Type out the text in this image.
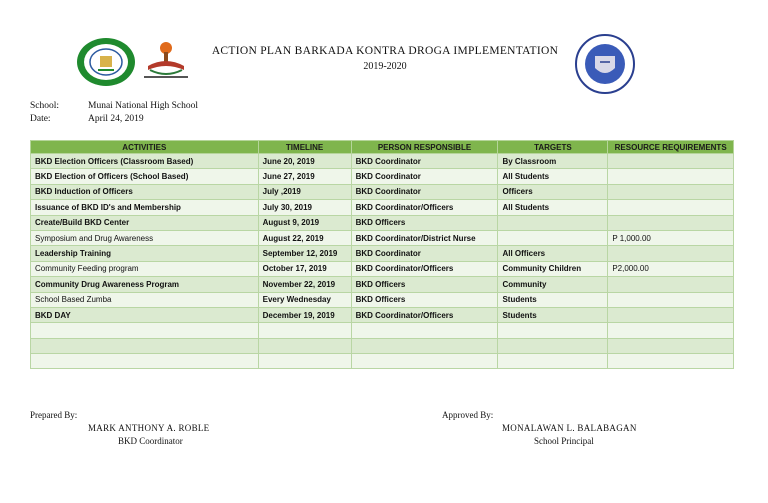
ACTION PLAN BARKADA KONTRA DROGA IMPLEMENTATION
2019-2020
School:	Munai National High School
Date:	April 24, 2019
ACTIVITIES	TIMELINE	PERSON RESPONSIBLE	TARGETS	RESOURCE REQUIREMENTS
BKD Election Officers (Classroom Based)	June 20, 2019	BKD Coordinator	By Classroom	
BKD Election of Officers (School Based)	June 27, 2019	BKD Coordinator	All Students	
BKD Induction of Officers	July ,2019	BKD Coordinator	Officers	
Issuance of BKD ID's and Membership	July 30, 2019	BKD Coordinator/Officers	All Students	
Create/Build BKD Center	August 9, 2019	BKD Officers		
Symposium and Drug Awareness	August 22, 2019	BKD Coordinator/District Nurse		P 1,000.00
Leadership Training	September 12, 2019	BKD Coordinator	All Officers	
Community Feeding program	October 17, 2019	BKD Coordinator/Officers	Community Children	P2,000.00
Community Drug Awareness Program	November 22, 2019	BKD Officers	Community	
School Based Zumba	Every Wednesday	BKD Officers	Students	
BKD DAY	December 19, 2019	BKD Coordinator/Officers	Students	

Prepared By:
MARK ANTHONY A. ROBLE
BKD Coordinator
Approved By:
MONALAWAN L. BALABAGAN
School Principal
